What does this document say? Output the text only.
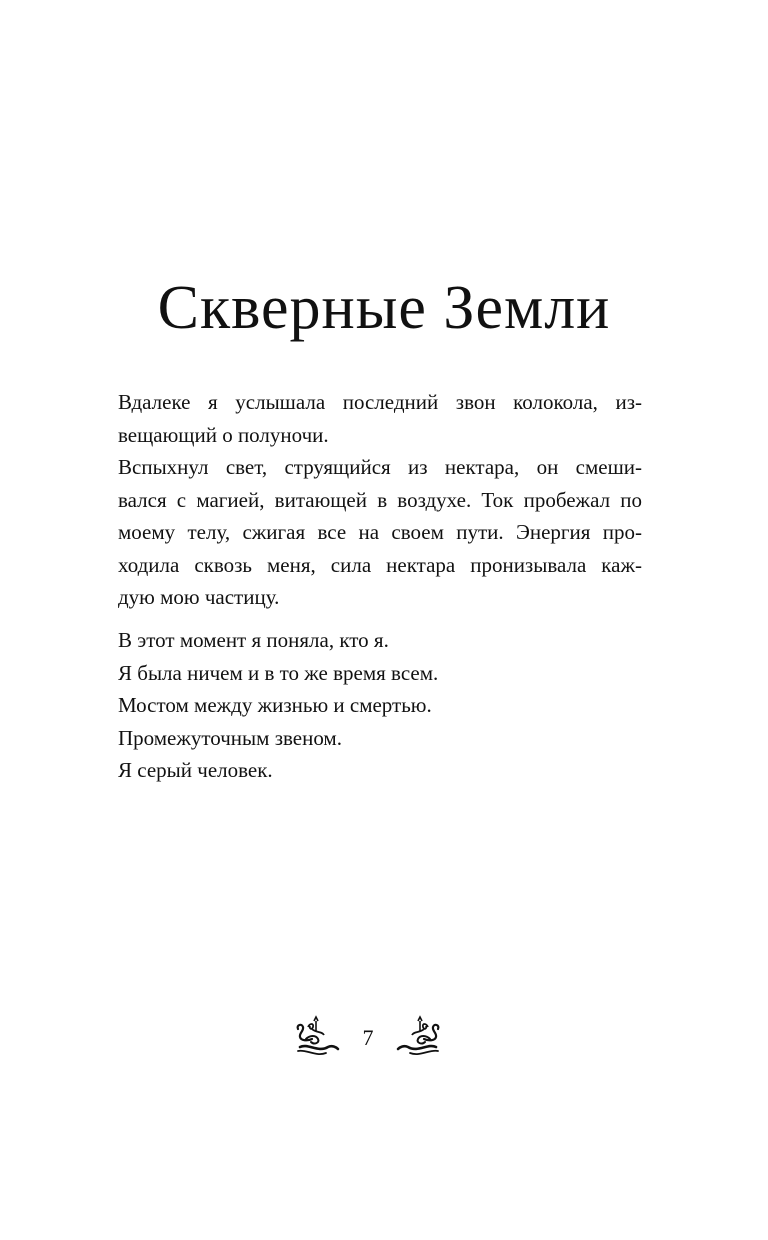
Скверные Земли

Вдалеке я услышала последний звон колокола, из-
вещающий о полуночи.

Вспыхнул свет, струящийся из нектара, он смеши-
вался с магией, витающей в воздухе. Ток пробежал по
моему телу, сжигая все на своем пути. Энергия про-
ходила сквозь меня, сила нектара пронизывала каж-
дую мою частицу.

В этот момент я поняла, кто я.
Я была ничем и в то же время всем.
Мостом между жизнью и смертью.
Промежуточным звеном.
Я серый человек.
7
